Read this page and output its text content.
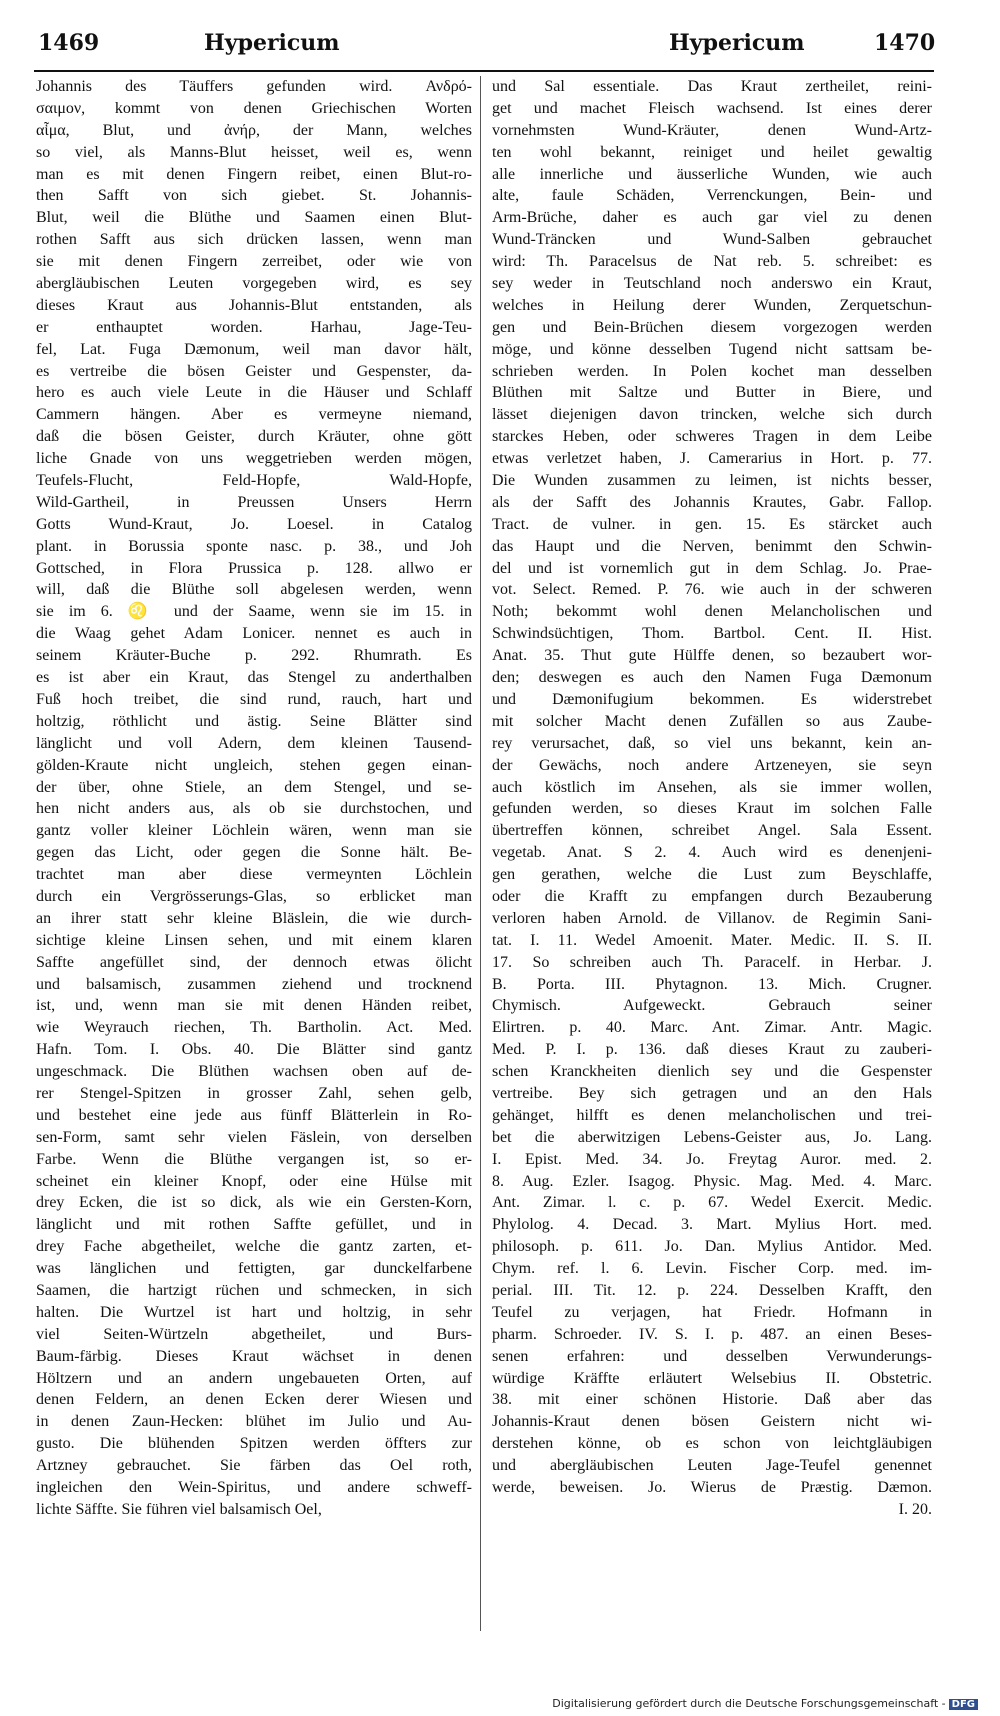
1469	Hypericum	Hypericum	1470
Johannis des Täuffers gefunden wird. Ανδρό-
σαιμον, kommt von denen Griechischen Worten
αἷμα, Blut, und ἀνήρ, der Mann, welches
so viel, als Manns-Blut heisset, weil es, wenn
man es mit denen Fingern reibet, einen Blut-ro-
then Safft von sich giebet. St. Johannis-
Blut, weil die Blüthe und Saamen einen Blut-
rothen Safft aus sich drücken lassen, wenn man
sie mit denen Fingern zerreibet, oder wie von
abergläubischen Leuten vorgegeben wird, es sey
dieses Kraut aus Johannis-Blut entstanden, als
er enthauptet worden. Harhau, Jage-Teu-
fel, Lat. Fuga Dæmonum, weil man davor hält,
es vertreibe die bösen Geister und Gespenster, da-
hero es auch viele Leute in die Häuser und Schlaff
Cammern hängen. Aber es vermeyne niemand,
daß die bösen Geister, durch Kräuter, ohne gött
liche Gnade von uns weggetrieben werden mögen,
Teufels-Flucht, Feld-Hopfe, Wald-Hopfe,
Wild-Gartheil, in Preussen Unsers Herrn
Gotts Wund-Kraut, Jo. Loesel. in Catalog
plant. in Borussia sponte nasc. p. 38., und Joh
Gottsched, in Flora Prussica p. 128. allwo er
will, daß die Blüthe soll abgelesen werden, wenn
sie im 6. ♌ und der Saame, wenn sie im 15. in
die Waag gehet Adam Lonicer. nennet es auch in
seinem Kräuter-Buche p. 292. Rhumrath. Es
es ist aber ein Kraut, das Stengel zu anderthalben
Fuß hoch treibet, die sind rund, rauch, hart und
holtzig, röthlicht und ästig. Seine Blätter sind
länglicht und voll Adern, dem kleinen Tausend-
gölden-Kraute nicht ungleich, stehen gegen einan-
der über, ohne Stiele, an dem Stengel, und se-
hen nicht anders aus, als ob sie durchstochen, und
gantz voller kleiner Löchlein wären, wenn man sie
gegen das Licht, oder gegen die Sonne hält. Be-
trachtet man aber diese vermeynten Löchlein
durch ein Vergrösserungs-Glas, so erblicket man
an ihrer statt sehr kleine Bläslein, die wie durch-
sichtige kleine Linsen sehen, und mit einem klaren
Saffte angefüllet sind, der dennoch etwas ölicht
und balsamisch, zusammen ziehend und trocknend
ist, und, wenn man sie mit denen Händen reibet,
wie Weyrauch riechen, Th. Bartholin. Act. Med.
Hafn. Tom. I. Obs. 40. Die Blätter sind gantz
ungeschmack. Die Blüthen wachsen oben auf de-
rer Stengel-Spitzen in grosser Zahl, sehen gelb,
und bestehet eine jede aus fünff Blätterlein in Ro-
sen-Form, samt sehr vielen Fäslein, von derselben
Farbe. Wenn die Blüthe vergangen ist, so er-
scheinet ein kleiner Knopf, oder eine Hülse mit
drey Ecken, die ist so dick, als wie ein Gersten-Korn,
länglicht und mit rothen Saffte gefüllet, und in
drey Fache abgetheilet, welche die gantz zarten, et-
was länglichen und fettigten, gar dunckelfarbene
Saamen, die hartzigt rüchen und schmecken, in sich
halten. Die Wurtzel ist hart und holtzig, in sehr
viel Seiten-Würtzeln abgetheilet, und Burs-
Baum-färbig. Dieses Kraut wächset in denen
Höltzern und an andern ungebaueten Orten, auf
denen Feldern, an denen Ecken derer Wiesen und
in denen Zaun-Hecken: blühet im Julio und Au-
gusto. Die blühenden Spitzen werden öffters zur
Artzney gebrauchet. Sie färben das Oel roth,
ingleichen den Wein-Spiritus, und andere schweff-
lichte Säffte. Sie führen viel balsamisch Oel,
und Sal essentiale. Das Kraut zertheilet, reini-
get und machet Fleisch wachsend. Ist eines derer
vornehmsten Wund-Kräuter, denen Wund-Artz-
ten wohl bekannt, reiniget und heilet gewaltig
alle innerliche und äusserliche Wunden, wie auch
alte, faule Schäden, Verrenckungen, Bein- und
Arm-Brüche, daher es auch gar viel zu denen
Wund-Träncken und Wund-Salben gebrauchet
wird: Th. Paracelsus de Nat reb. 5. schreibet: es
sey weder in Teutschland noch anderswo ein Kraut,
welches in Heilung derer Wunden, Zerquetschun-
gen und Bein-Brüchen diesem vorgezogen werden
möge, und könne desselben Tugend nicht sattsam be-
schrieben werden. In Polen kochet man desselben
Blüthen mit Saltze und Butter in Biere, und
lässet diejenigen davon trincken, welche sich durch
starckes Heben, oder schweres Tragen in dem Leibe
etwas verletzet haben, J. Camerarius in Hort. p. 77.
Die Wunden zusammen zu leimen, ist nichts besser,
als der Safft des Johannis Krautes, Gabr. Fallop.
Tract. de vulner. in gen. 15. Es stärcket auch
das Haupt und die Nerven, benimmt den Schwin-
del und ist vornemlich gut in dem Schlag. Jo. Prae-
vot. Select. Remed. P. 76. wie auch in der schweren
Noth; bekommt wohl denen Melancholischen und
Schwindsüchtigen, Thom. Bartbol. Cent. II. Hist.
Anat. 35. Thut gute Hülffe denen, so bezaubert wor-
den; deswegen es auch den Namen Fuga Dæmonum
und Dæmonifugium bekommen. Es widerstrebet
mit solcher Macht denen Zufällen so aus Zaube-
rey verursachet, daß, so viel uns bekannt, kein an-
der Gewächs, noch andere Artzeneyen, sie seyn
auch köstlich im Ansehen, als sie immer wollen,
gefunden werden, so dieses Kraut im solchen Falle
übertreffen können, schreibet Angel. Sala Essent.
vegetab. Anat. S 2. 4. Auch wird es denenjeni-
gen gerathen, welche die Lust zum Beyschlaffe,
oder die Krafft zu empfangen durch Bezauberung
verloren haben Arnold. de Villanov. de Regimin Sani-
tat. I. 11. Wedel Amoenit. Mater. Medic. II. S. II.
17. So schreiben auch Th. Paracelf. in Herbar. J.
B. Porta. III. Phytagnon. 13. Mich. Crugner.
Chymisch. Aufgeweckt. Gebrauch seiner
Elirtren. p. 40. Marc. Ant. Zimar. Antr. Magic.
Med. P. I. p. 136. daß dieses Kraut zu zauberi-
schen Kranckheiten dienlich sey und die Gespenster
vertreibe. Bey sich getragen und an den Hals
gehänget, hilfft es denen melancholischen und trei-
bet die aberwitzigen Lebens-Geister aus, Jo. Lang.
I. Epist. Med. 34. Jo. Freytag Auror. med. 2.
8. Aug. Ezler. Isagog. Physic. Mag. Med. 4. Marc.
Ant. Zimar. l. c. p. 67. Wedel Exercit. Medic.
Phylolog. 4. Decad. 3. Mart. Mylius Hort. med.
philosoph. p. 611. Jo. Dan. Mylius Antidor. Med.
Chym. ref. l. 6. Levin. Fischer Corp. med. im-
perial. III. Tit. 12. p. 224. Desselben Krafft, den
Teufel zu verjagen, hat Friedr. Hofmann in
pharm. Schroeder. IV. S. I. p. 487. an einen Beses-
senen erfahren: und desselben Verwunderungs-
würdige Kräffte erläutert Welsebius II. Obstetric.
38. mit einer schönen Historie. Daß aber das
Johannis-Kraut denen bösen Geistern nicht wi-
derstehen könne, ob es schon von leichtgläubigen
und abergläubischen Leuten Jage-Teufel genennet
werde, beweisen. Jo. Wierus de Præstig. Dæmon.
I. 20.
Digitalisierung gefördert durch die Deutsche Forschungsgemeinschaft - DFG
